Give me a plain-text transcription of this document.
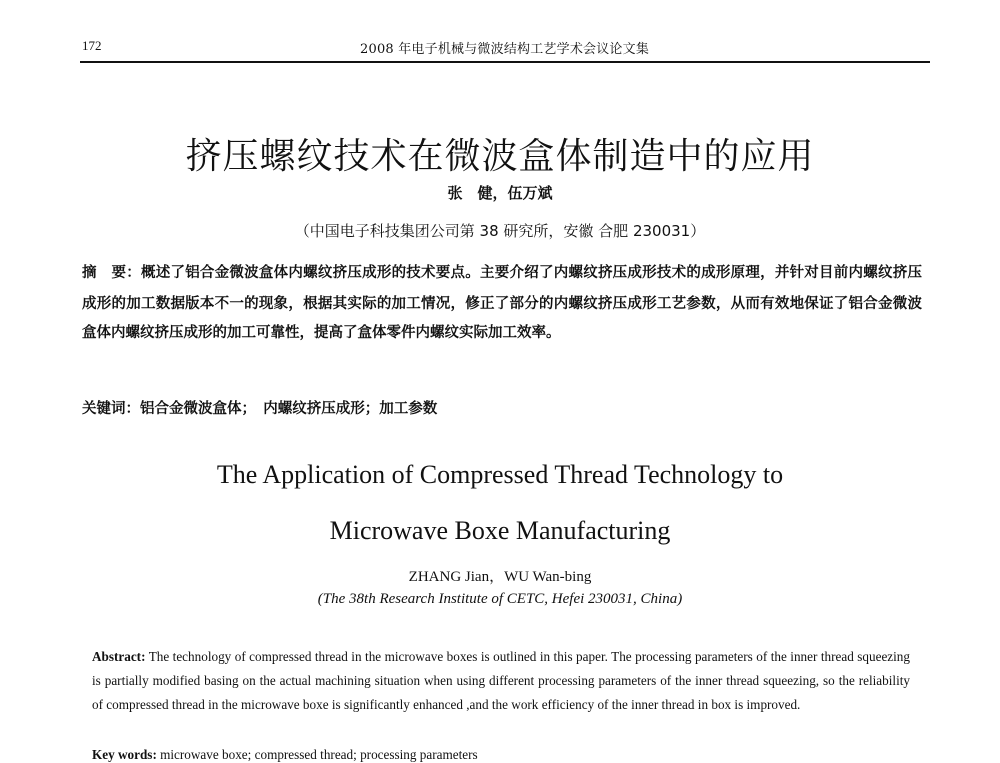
172	2008 年电子机械与微波结构工艺学术会议论文集
挤压螺纹技术在微波盒体制造中的应用
张　健，伍万斌
（中国电子科技集团公司第 38 研究所，安徽 合肥 230031）
摘　要：概述了铝合金微波盒体内螺纹挤压成形的技术要点。主要介绍了内螺纹挤压成形技术的成形原理，并针对目前内螺纹挤压成形的加工数据版本不一的现象，根据其实际的加工情况，修正了部分的内螺纹挤压成形工艺参数，从而有效地保证了铝合金微波盒体内螺纹挤压成形的加工可靠性，提高了盒体零件内螺纹实际加工效率。
关键词：铝合金微波盒体；　内螺纹挤压成形；加工参数
The Application of Compressed Thread Technology to
Microwave Boxe Manufacturing
ZHANG Jian，WU Wan-bing
(The 38th Research Institute of CETC, Hefei 230031, China)
Abstract: The technology of compressed thread in the microwave boxes is outlined in this paper. The processing parameters of the inner thread squeezing is partially modified basing on the actual machining situation when using different processing parameters of the inner thread squeezing, so the reliability of compressed thread in the microwave boxe is significantly enhanced ,and the work efficiency of the inner thread in box is improved.
Key words: microwave boxe; compressed thread; processing parameters
